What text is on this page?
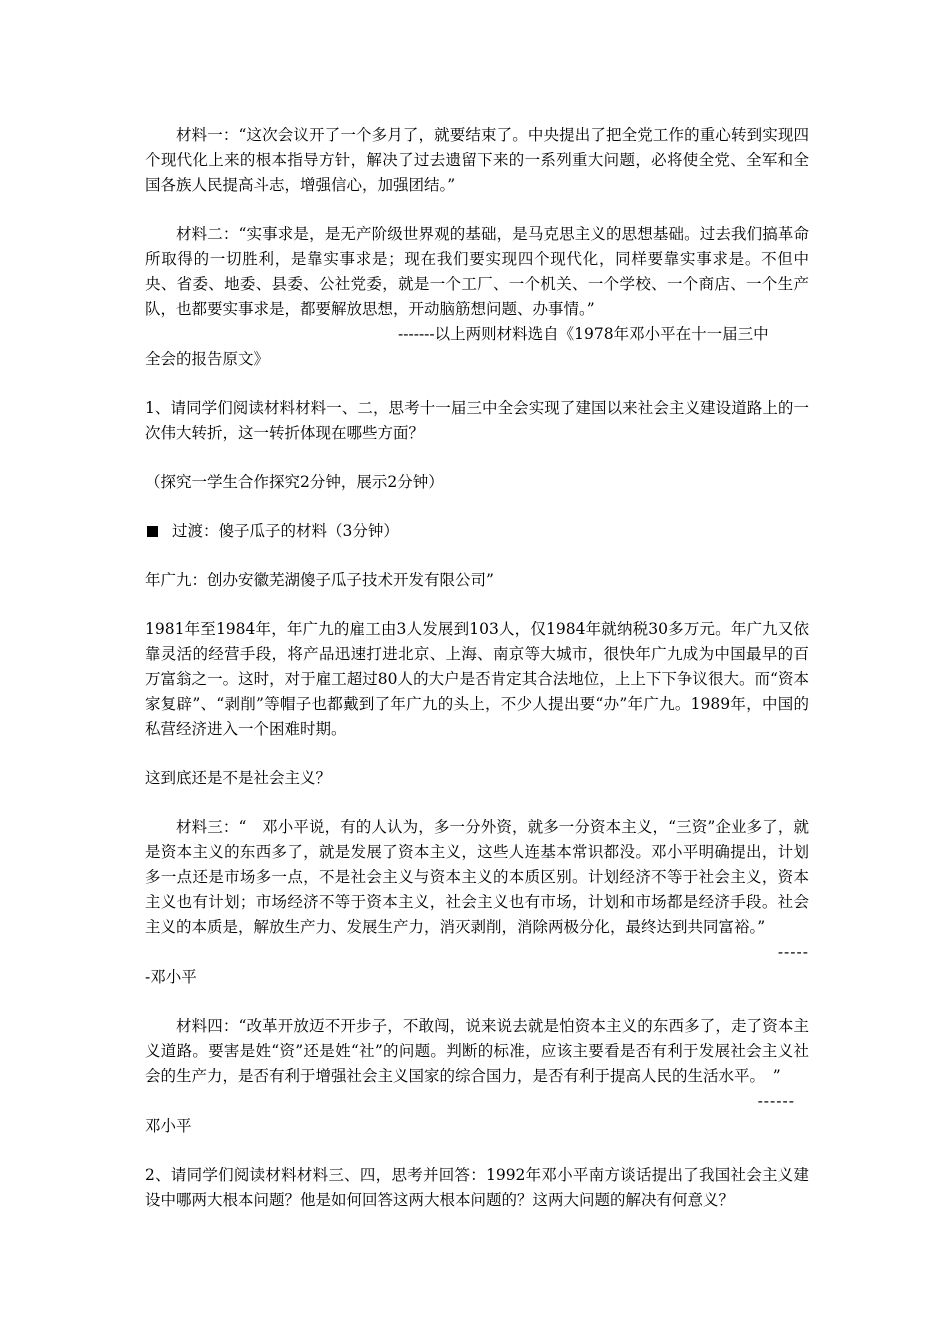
材料一：“这次会议开了一个多月了，就要结束了。中央提出了把全党工作的重心转到实现四个现代化上来的根本指导方针，解决了过去遗留下来的一系列重大问题，必将使全党、全军和全国各族人民提高斗志，增强信心，加强团结。”

材料二：“实事求是，是无产阶级世界观的基础，是马克思主义的思想基础。过去我们搞革命所取得的一切胜利，是靠实事求是；现在我们要实现四个现代化，同样要靠实事求是。不但中央、省委、地委、县委、公社党委，就是一个工厂、一个机关、一个学校、一个商店、一个生产队，也都要实事求是，都要解放思想，开动脑筋想问题、办事情。”

-------以上两则材料选自《1978年邓小平在十一届三中

全会的报告原文》

1、请同学们阅读材料材料一、二，思考十一届三中全会实现了建国以来社会主义建设道路上的一次伟大转折，这一转折体现在哪些方面？

（探究一学生合作探究2分钟，展示2分钟）

过渡：傻子瓜子的材料（3分钟）

年广九：创办安徽芜湖傻子瓜子技术开发有限公司”

1981年至1984年，年广九的雇工由3人发展到103人，仅1984年就纳税30多万元。年广九又依靠灵活的经营手段，将产品迅速打进北京、上海、南京等大城市，很快年广九成为中国最早的百万富翁之一。这时，对于雇工超过80人的大户是否肯定其合法地位，上上下下争议很大。而“资本家复辟”、“剥削”等帽子也都戴到了年广九的头上，不少人提出要“办”年广九。1989年，中国的私营经济进入一个困难时期。

这到底还是不是社会主义？

材料三：“　邓小平说，有的人认为，多一分外资，就多一分资本主义，“三资”企业多了，就是资本主义的东西多了，就是发展了资本主义，这些人连基本常识都没。邓小平明确提出，计划多一点还是市场多一点，不是社会主义与资本主义的本质区别。计划经济不等于社会主义，资本主义也有计划；市场经济不等于资本主义，社会主义也有市场，计划和市场都是经济手段。社会主义的本质是，解放生产力、发展生产力，消灭剥削，消除两极分化，最终达到共同富裕。”

-----
-邓小平

材料四：“改革开放迈不开步子，不敢闯，说来说去就是怕资本主义的东西多了，走了资本主义道路。要害是姓“资”还是姓“社”的问题。判断的标准，应该主要看是否有利于发展社会主义社会的生产力，是否有利于增强社会主义国家的综合国力，是否有利于提高人民的生活水平。　”

------
邓小平

2、请同学们阅读材料材料三、四，思考并回答：1992年邓小平南方谈话提出了我国社会主义建设中哪两大根本问题？他是如何回答这两大根本问题的？这两大问题的解决有何意义？
